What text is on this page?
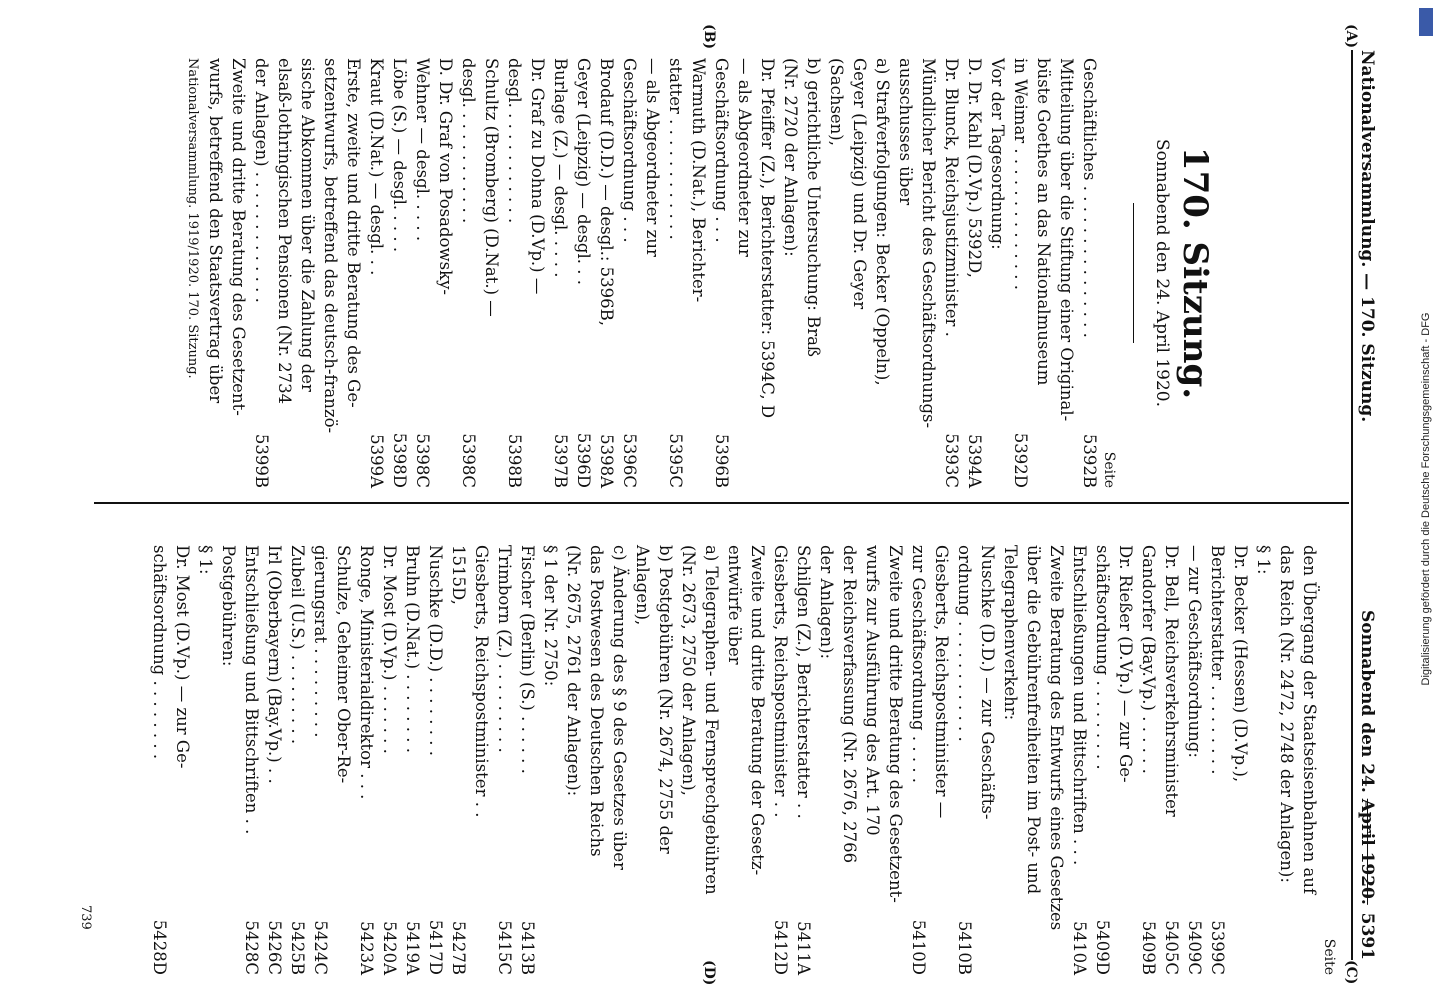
Digitalisierung gefördert durch die Deutsche Forschungsgemeinschaft - DFG
Nationalversammlung. — 170. Sitzung.
Sonnabend den 24. April 1920.
5391
(A)
(B)
(C)
(D)
170. Sitzung.
Sonnabend den 24. April 1920.
Seite
Geschäftliches . . . . . . . . . . . . . . .
5392B
Mitteilung über die Stiftung einer Original-
büste Goethes an das Nationalmuseum
in Weimar . . . . . . . . . . . . . .
5392D
Vor der Tagesordnung:
D. Dr. Kahl (D.Vp.) 5392D,
5394A
Dr. Blunck, Reichsjustizminister .
5393C
Mündlicher Bericht des Geschäftsordnungs-
ausschusses über
a) Strafverfolgungen: Becker (Oppeln),
Geyer (Leipzig) und Dr. Geyer
(Sachsen),
b) gerichtliche Untersuchung: Braß
(Nr. 2720 der Anlagen):
Dr. Pfeiffer (Z.), Berichterstatter: 5394C, D
— als Abgeordneter zur
Geschäftsordnung . . .
5396B
Warmuth (D.Nat.), Berichter-
statter . . . . . . . . . . . .
5395C
— als Abgeordneter zur
Geschäftsordnung . . .
5396C
Brodauf (D.D.) — desgl.: 5396B,
5398A
Geyer (Leipzig) — desgl. . .
5396D
Burlage (Z.) — desgl. . . . .
5397B
Dr. Graf zu Dohna (D.Vp.) —
desgl. . . . . . . . . . . .
5398B
Schultz (Bromberg) (D.Nat.) —
desgl. . . . . . . . . . . .
5398C
D. Dr. Graf von Posadowsky-
Wehner — desgl. . . . .
5398C
Löbe (S.) — desgl. . . . .
5398D
Kraut (D.Nat.) — desgl. . .
5399A
Erste, zweite und dritte Beratung des Ge-
setzentwurfs, betreffend das deutsch-franzö-
sische Abkommen über die Zahlung der
elsaß-lothringischen Pensionen (Nr. 2734
der Anlagen) . . . . . . . . . . . . .
5399B
Zweite und dritte Beratung des Gesetzent-
wurfs, betreffend den Staatsvertrag über
Nationalversammlung. 1919/1920. 170. Sitzung.
Seite
den Übergang der Staatseisenbahnen auf
das Reich (Nr. 2472, 2748 der Anlagen):
§ 1:
Dr. Becker (Hessen) (D.Vp.),
Berichterstatter . . . . . . . . .
5399C
— zur Geschäftsordnung:
5409C
Dr. Bell, Reichsverkehrsminister
5405C
Gandorfer (Bay.Vp.) . . . . . .
5409B
Dr. Rießer (D.Vp.) — zur Ge-
schäftsordnung . . . . . . . . .
5409D
Entschließungen und Bittschriften . . .
5410A
Zweite Beratung des Entwurfs eines Gesetzes
über die Gebührenfreiheiten im Post- und
Telegraphenverkehr:
Nuschke (D.D.) — zur Geschäfts-
ordnung . . . . . . . . . . . .
5410B
Giesberts, Reichspostminister —
zur Geschäftsordnung . . . . .
5410D
Zweite und dritte Beratung des Gesetzent-
wurfs zur Ausführung des Art. 170
der Reichsverfassung (Nr. 2676, 2766
der Anlagen):
Schilgen (Z.), Berichterstatter . .
5411A
Giesberts, Reichspostminister . .
5412D
Zweite und dritte Beratung der Gesetz-
entwürfe über
a) Telegraphen- und Fernsprechgebühren
(Nr. 2673, 2750 der Anlagen),
b) Postgebühren (Nr. 2674, 2755 der
Anlagen),
c) Änderung des § 9 des Gesetzes über
das Postwesen des Deutschen Reichs
(Nr. 2675, 2761 der Anlagen):
§ 1 der Nr. 2750:
Fischer (Berlin) (S.) . . . . . .
5413B
Trimborn (Z.) . . . . . . . . .
5415C
Giesberts, Reichspostminister . .
1515D,
5427B
Nuschke (D.D.) . . . . . . . .
5417D
Bruhn (D.Nat.) . . . . . . . .
5419A
Dr. Most (D.Vp.) . . . . . . .
5420A
Ronge, Ministerialdirektor . . .
5423A
Schulze, Geheimer Ober-Re-
gierungsrat . . . . . . . . .
5424C
Zubeil (U.S.) . . . . . . . . .
5425B
Irl (Oberbayern) (Bay.Vp.) . .
5426C
Entschließung und Bittschriften . .
5428C
Postgebühren:
§ 1:
Dr. Most (D.Vp.) — zur Ge-
schäftsordnung . . . . . . . .
5428D
739
